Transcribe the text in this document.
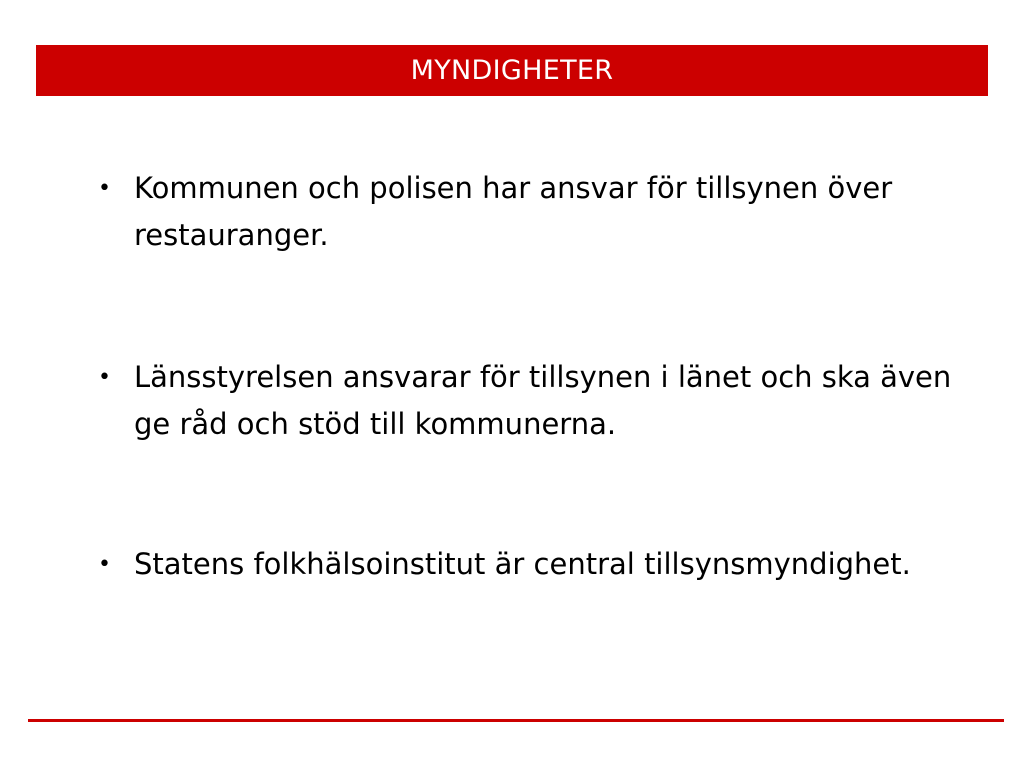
MYNDIGHETER
• Kommunen och polisen har ansvar för tillsynen över restauranger.
• Länsstyrelsen ansvarar för tillsynen i länet och ska även ge råd och stöd till kommunerna.
• Statens folkhälsoinstitut är central tillsynsmyndighet.
